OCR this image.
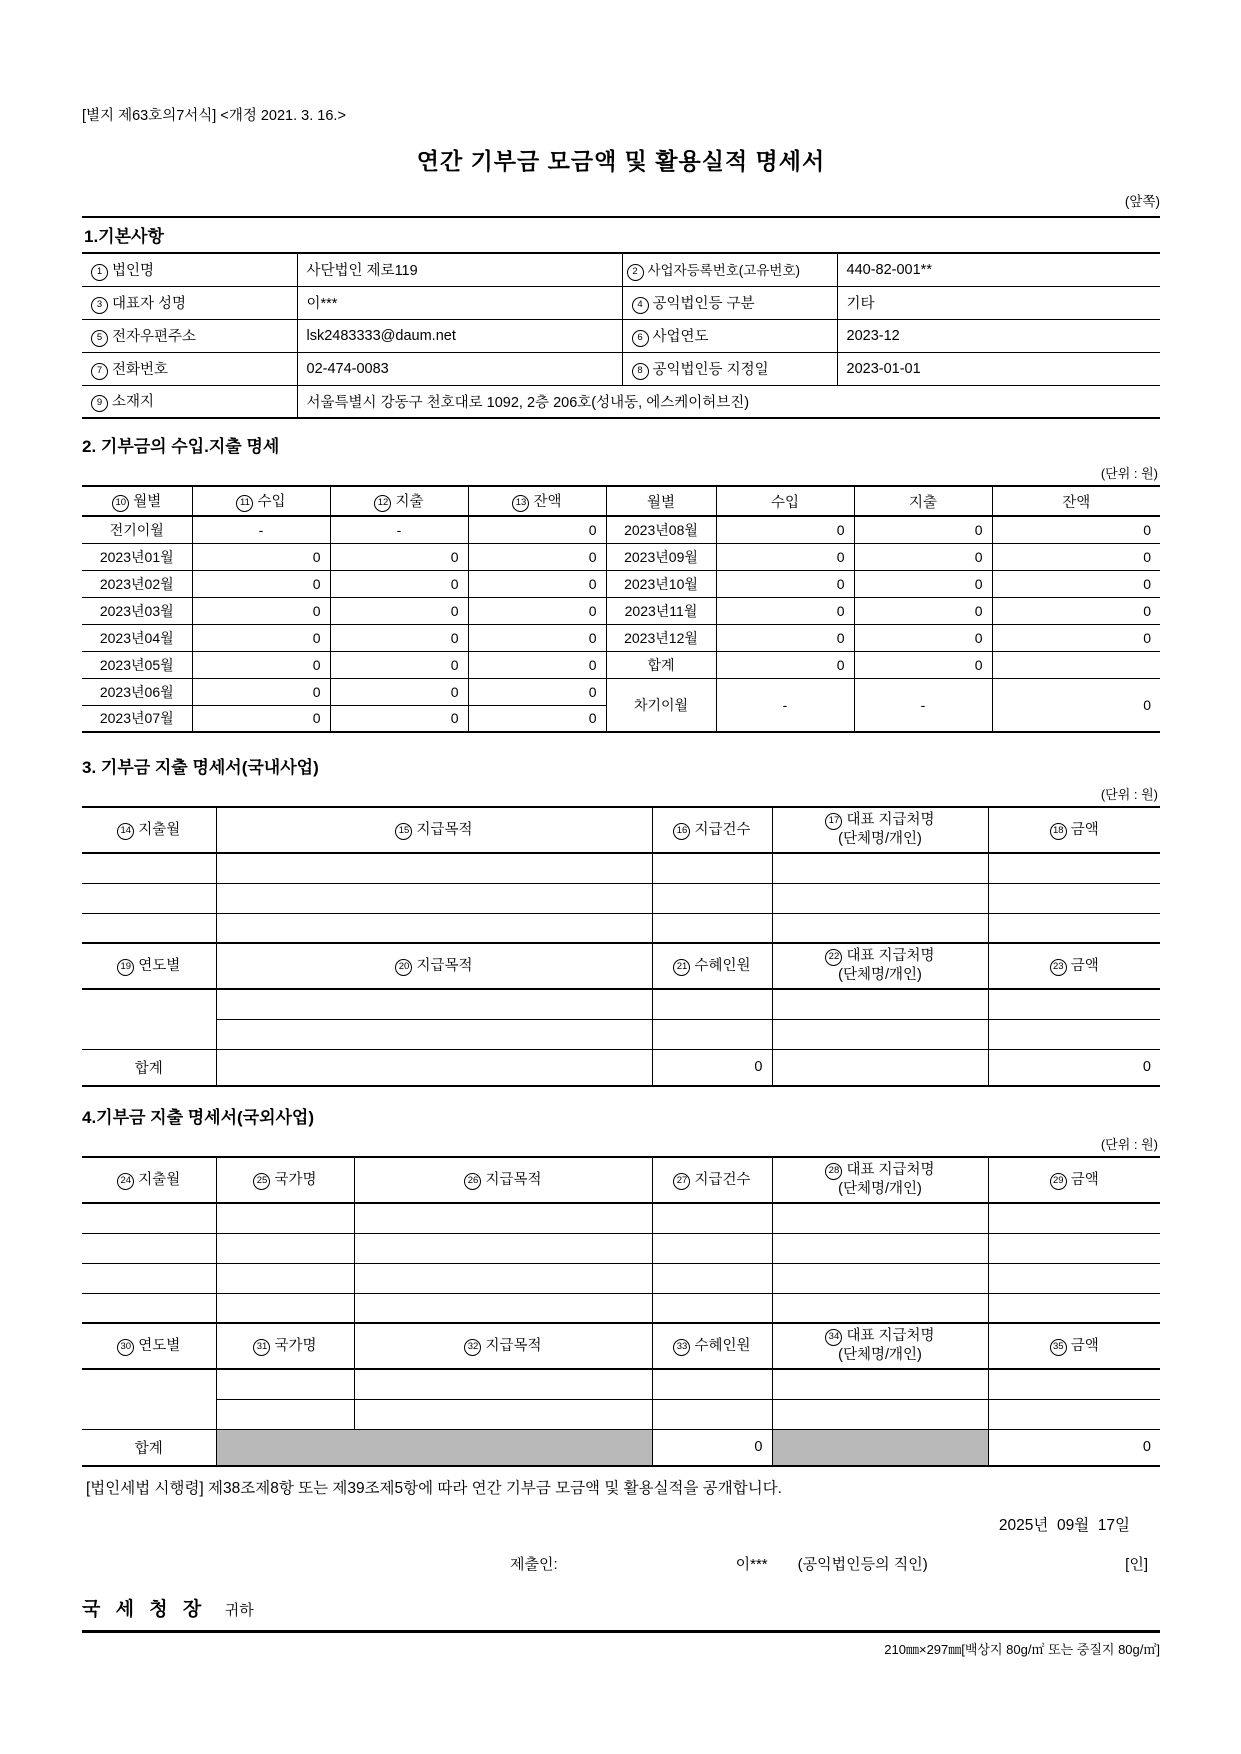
[별지 제63호의7서식] <개정 2021. 3. 16.>
연간 기부금 모금액 및 활용실적 명세서
(앞쪽)
1.기본사항
1 법인명	사단법인 제로119	2 사업자등록번호(고유번호)	440-82-001**
3 대표자 성명	이***	4 공익법인등 구분	기타
5 전자우편주소	lsk2483333@daum.net	6 사업연도	2023-12
7 전화번호	02-474-0083	8 공익법인등 지정일	2023-01-01
9 소재지	서울특별시 강동구 천호대로 1092, 2층 206호(성내동, 에스케이허브진)		
2. 기부금의 수입.지출 명세
(단위 : 원)
10 월별	11 수입	12 지출	13 잔액	월별	수입	지출	잔액
전기이월	-	-	0	2023년08월	0	0	0
2023년01월	0	0	0	2023년09월	0	0	0
2023년02월	0	0	0	2023년10월	0	0	0
2023년03월	0	0	0	2023년11월	0	0	0
2023년04월	0	0	0	2023년12월	0	0	0
2023년05월	0	0	0	합계	0	0	
2023년06월	0	0	0	차기이월	-	-	0
2023년07월	0	0	0				
3. 기부금 지출 명세서(국내사업)
(단위 : 원)
14 지출월	15 지급목적	16 지급건수	17 대표 지급처명
(단체명/개인)	18 금액

19 연도별	20 지급목적	21 수혜인원	22 대표 지급처명
(단체명/개인)	23 금액

합계		0		0
4.기부금 지출 명세서(국외사업)
(단위 : 원)
24 지출월	25 국가명	26 지급목적	27 지급건수	28 대표 지급처명
(단체명/개인)	29 금액

30 연도별	31 국가명	32 지급목적	33 수혜인원	34 대표 지급처명
(단체명/개인)	35 금액

합계			0		0
[법인세법 시행령] 제38조제8항 또는 제39조제5항에 따라 연간 기부금 모금액 및 활용실적을 공개합니다.
2025년  09월  17일
제출인:	이*** (공익법인등의 직인)	[인]
국 세 청 장 귀하
210㎜×297㎜[백상지 80g/㎡ 또는 중질지 80g/㎡]
